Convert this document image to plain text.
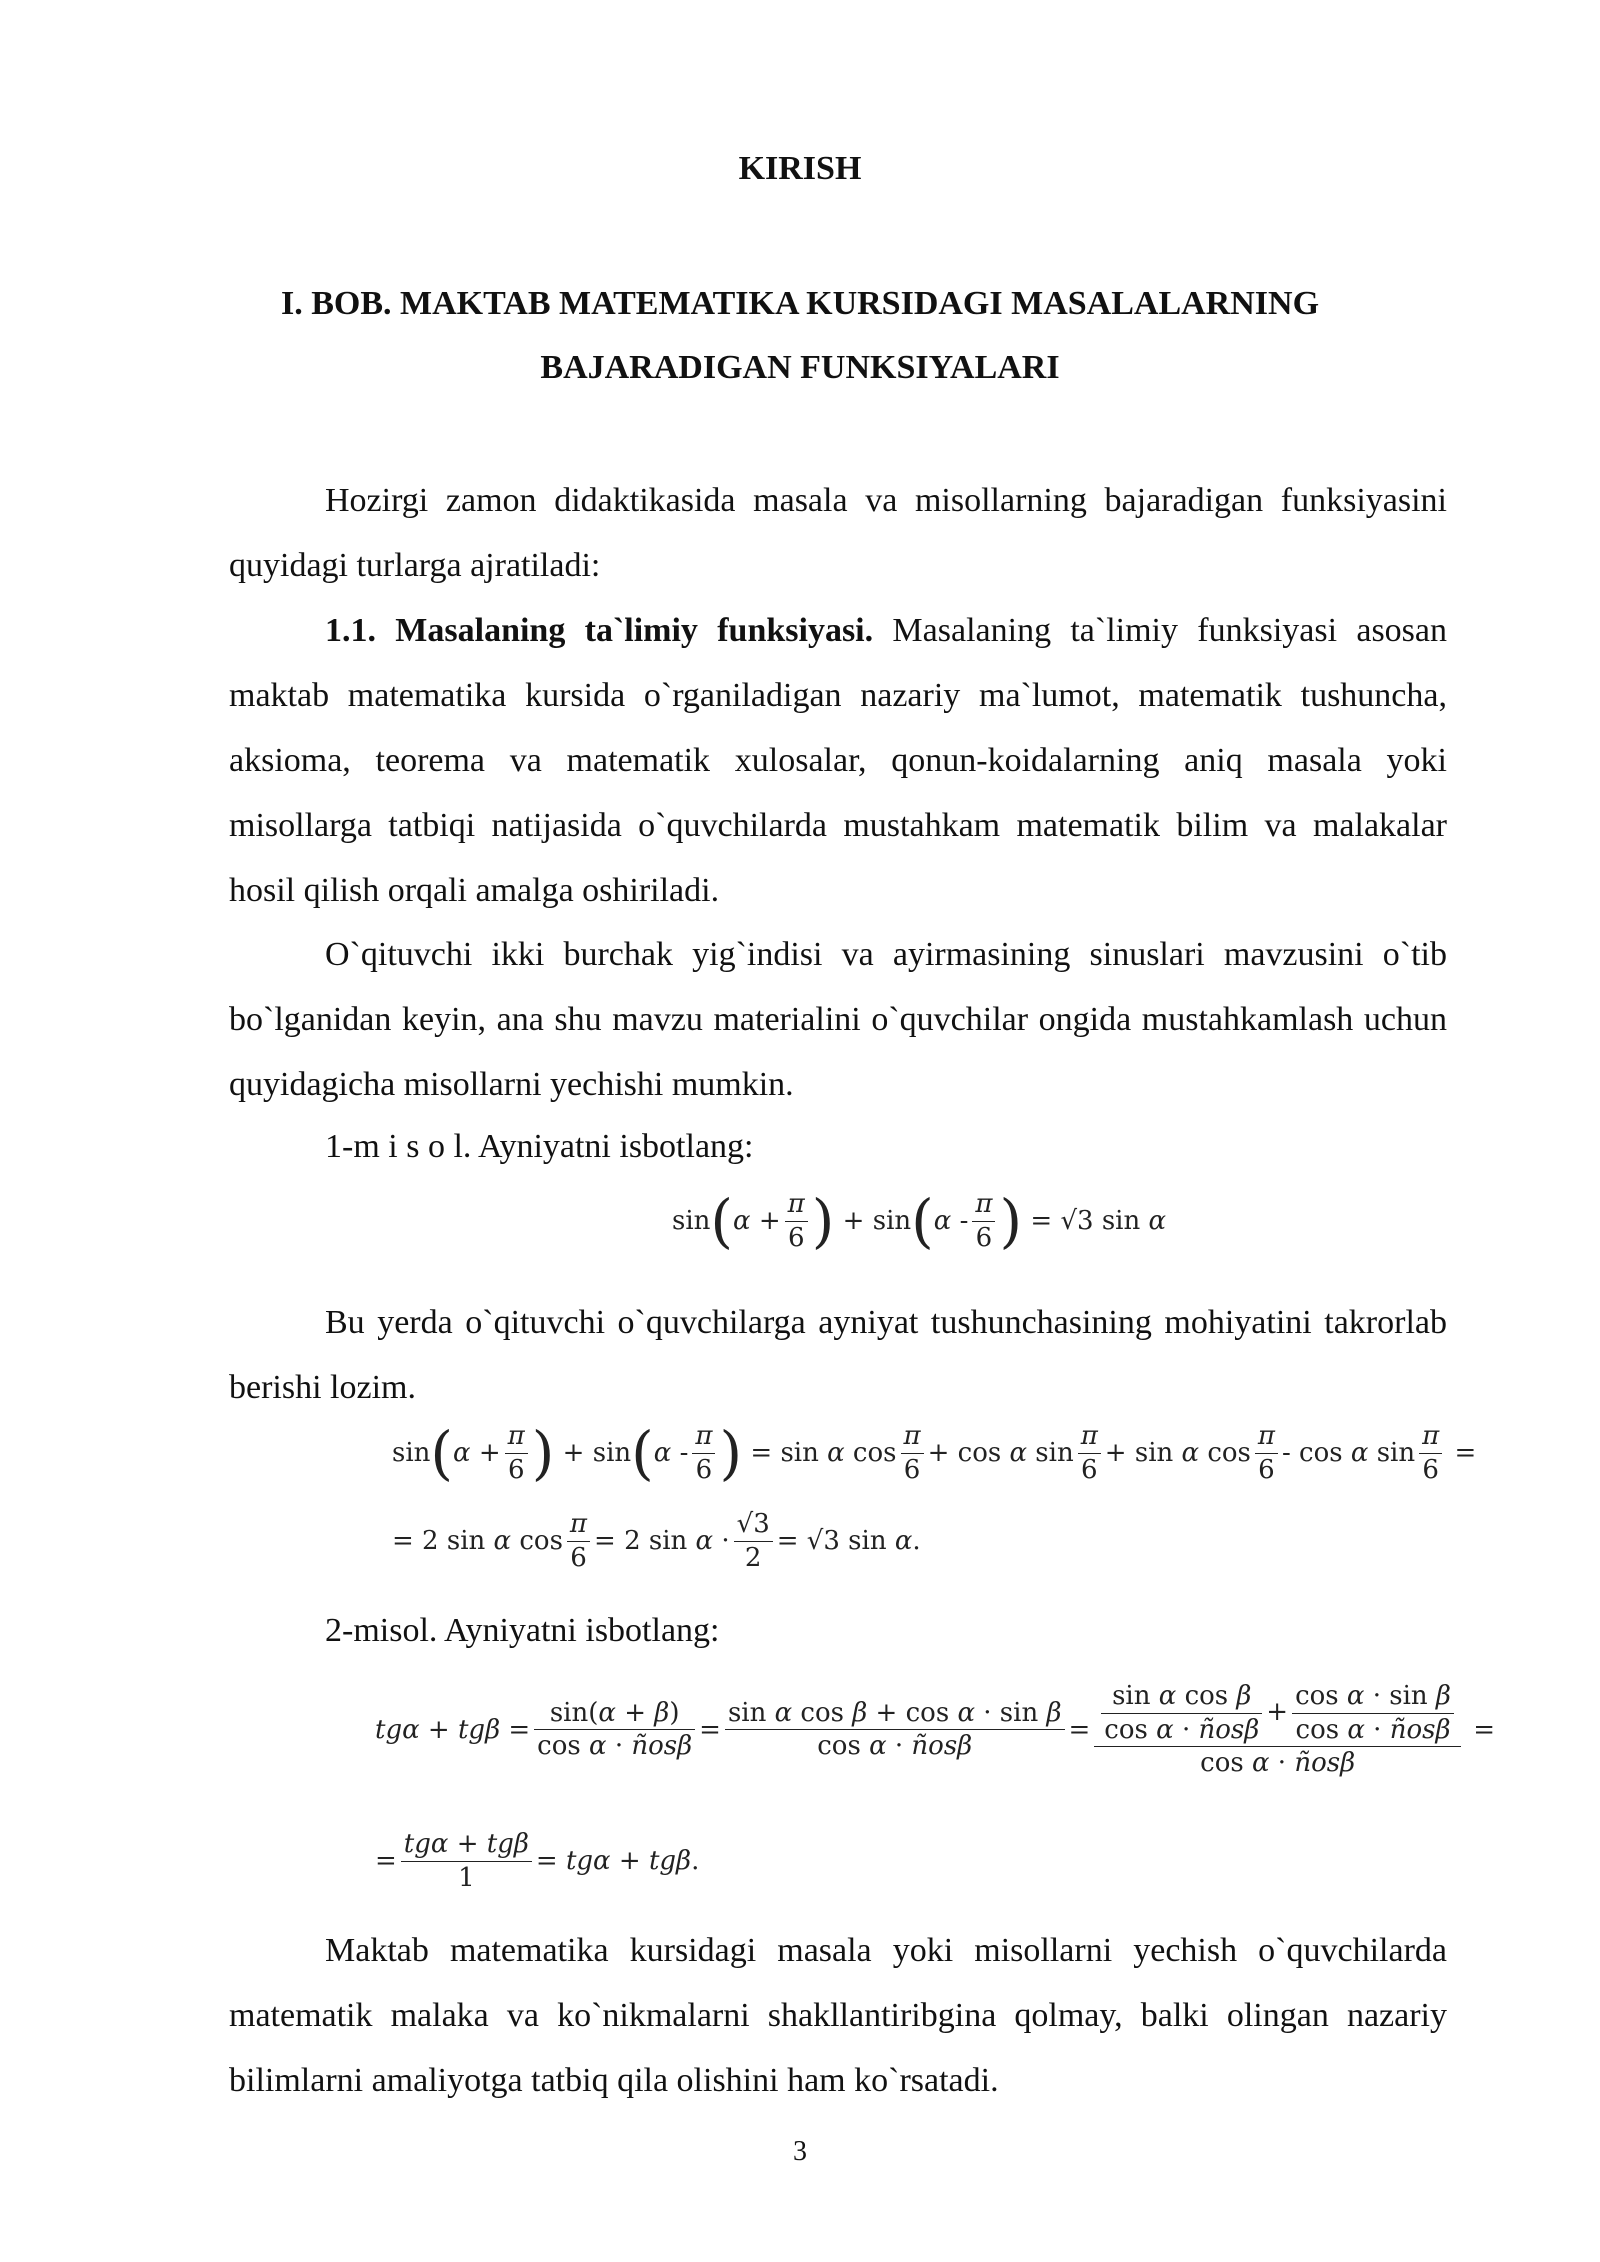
KIRISH
I. BOB. MAKTAB MATEMATIKA KURSIDAGI MASALALARNING
BAJARADIGAN FUNKSIYALARI

Hozirgi zamon didaktikasida masala va misollarning bajaradigan funksiyasini quyidagi turlarga ajratiladi:

1.1. Masalaning ta`limiy funksiyasi. Masalaning ta`limiy funksiyasi asosan maktab matematika kursida o`rganiladigan nazariy ma`lumot, matematik tushuncha, aksioma, teorema va matematik xulosalar, qonun-koidalarning aniq masala yoki misollarga tatbiqi natijasida o`quvchilarda mustahkam matematik bilim va malakalar hosil qilish orqali amalga oshiriladi.

O`qituvchi ikki burchak yig`indisi va ayirmasining sinuslari mavzusini o`tib bo`lganidan keyin, ana shu mavzu materialini o`quvchilar ongida mustahkamlash uchun quyidagicha misollarni yechishi mumkin.

1-m i s o l. Ayniyatni isbotlang:

$\sin(\alpha + \frac{\pi}{6}$ ) + $\sin(\alpha - \frac{\pi}{6}$ ) = √3 sin α

Bu yerda o`qituvchi o`quvchilarga ayniyat tushunchasining mohiyatini takrorlab berishi lozim.

$\sin(\alpha + \frac{\pi}{6}$ ) + $\sin(\alpha - \frac{\pi}{6}$ ) = sin α $\cos \frac{\pi}{6} + \cos \alpha$ $\sin \frac{\pi}{6} + \sin \alpha$ $\cos \frac{\pi}{6}$ - cos α $\sin \frac{\pi}{6}$ =
= 2 sin α $\cos \frac{\pi}{6} = 2$ $\sin \alpha \cdot \frac{√3}{2} = √3$ sin α.

2-misol. Ayniyatni isbotlang:

$tg\alpha + tg\beta = \frac{\sin(\alpha + \beta)}{\text{cos α · ñosβ}} = \frac{\text{sin α cos β + cos α · sin β}}{\text{cos α · ñosβ}} = \frac{\frac{\text{sin α cos β}}{\text{cos α · ñosβ}} + \frac{\text{cos α · sin β}}{\text{cos α · ñosβ}}}{\text{cos α · ñosβ}}$ =
= $\frac{\text{tgα + tgβ}}{1} = tg\alpha + tg\beta$.

Maktab matematika kursidagi masala yoki misollarni yechish o`quvchilarda matematik malaka va ko`nikmalarni shakllantiribgina qolmay, balki olingan nazariy bilimlarni amaliyotga tatbiq qila olishini ham ko`rsatadi.

3
